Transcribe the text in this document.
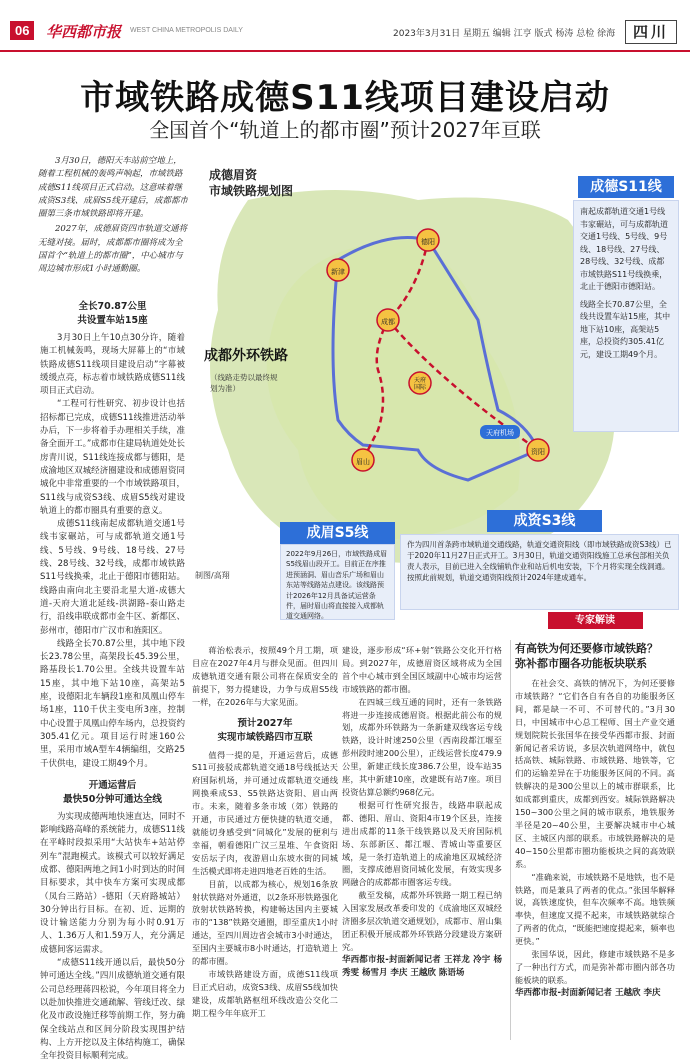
06	华西都市报 WEST CHINA METROPOLIS DAILY	2023年3月31日 星期五 编辑 江亨 版式 杨涛 总检 徐海	四川
市域铁路成德S11线项目建设启动
全国首个“轨道上的都市圈”预计2027年亘联

3月30日，德阳天车站前空地上，随着工程机械的轰鸣声响起，市域铁路成德S11线项目正式启动。这意味着继成资S3线、成眉S5线开建后，成都都市圈第三条市域铁路即将开建。

2027年，成德眉资四市轨道交通将无缝对接。届时，成都都市圈将成为全国首个“轨道上的都市圈”，中心城市与周边城市形成1小时通勤圈。

全长70.87公里
共设置车站15座

3月30日上午10点30分许，随着施工机械轰鸣，现场大屏幕上的“市域铁路成德S11线项目建设启动”字幕被缓缓点亮，标志着市域铁路成德S11线项目正式启动。

“工程可行性研究、初步设计也括招标都已完成，成德S11线推进活动举办后，下一步将着手办理相关手续，准备全面开工。”成都市住建局轨道处处长房青川说，S11线连接成都与德阳，是成渝地区双城经济圈建设和成德眉资同城化中非常重要的一个市域铁路项目，S11线与成资S3线、成眉S5线对建设轨道上的都市圈具有重要的意义。

成德S11线南起成都轨道交通1号线韦家碾站，可与成都轨道交通1号线、5号线、9号线、18号线、27号线、28号线、32号线，成都市域铁路S11号线换乘，北止于德阳市德阳站。线路由南向北主要沿北星大道-成德大道-天府大道北延线-洪湖路-泰山路走行，沿线串联成都市金牛区、新都区、彭州市，德阳市广汉市和旌阳区。

线路全长70.87公里，其中地下段长23.78公里，高架段长45.39公里，路基段长1.70公里。全线共设置车站15座，其中地下站10座，高架站5座，设德阳北车辆段1座和凤凰山停车场1座，110千伏主变电所3座，控制中心设置于凤凰山停车场内，总投资约305.41亿元。项目运行时速160公里，采用市域A型车4辆编组，交路25千伏供电，建设工期49个月。

开通运营后
最快50分钟可通达全线

为实现成德两地快速直达，同时不影响线路高峰的系统能力，成德S11线在平峰时段拟采用“大站快车+站站停列车”混跑模式。该模式可以较好满足成都、德阳两地之间1小时到达的时间目标要求，其中快车方案可实现成都（凤台三路站）-德阳（天府路城站）30分钟出行目标。在初、近、远期的设计输送能力分别为每小时0.91万人、1.36万人和1.59万人，充分满足成德间客运需求。

“成德S11线开通以后，最快50分钟可通达全线。”四川成德轨道交通有限公司总经理蒋四松说，今年项目将全力以赴加快推进交通疏解、管线迁改、绿化及市政设施迁移等前期工作，努力确保全线站点和区间分阶段实现围护结构、上方开挖以及主体结构施工，确保全年投资目标顺利完成。

天府机场
德阳
新津
成都
天府
国际
资阳
眉山
成德眉资
市域铁路规划图
成都外环铁路
（线路走势以最终规划为准）
成德S11线
南起成都轨道交通1号线韦家碾站，可与成都轨道交通1号线、5号线、9号线、18号线、27号线、28号线、32号线、成都市域铁路S11号线换乘，北止于德阳市德阳站。
线路全长70.87公里，全线共设置车站15座，其中地下站10座，高架站5座，总投资约305.41亿元，建设工期49个月。
成眉S5线
2022年9月26日，市域铁路成眉S5线眉山段开工。目前正在序推进预涵洞、眉山音乐广场和眉山东站等线路站点建设。该线路预计2026年12月具备试运营条件，届时眉山将直接接入成都轨道交通网络。
成资S3线
作为四川首条跨市域轨道交通线路，轨道交通资阳线（即市域铁路成资S3线）已于2020年11月27日正式开工。3月30日，轨道交通资阳线施工总承包部相关负责人表示，目前已进入全线铺轨作业和站后机电安装，下个月将实现全线洞通。按照此前规划，轨道交通资阳线预计2024年建成通车。
制图/高翔

蒋治松表示，按照49个月工期，项目应在2027年4月与群众见面。但四川成德轨道交通有限公司将在保质安全的前提下，努力提建设，力争与成眉S5线一样，在2026年与大家见面。

预计2027年
实现市域铁路四市互联

值得一提的是，开通运营后，成德S11可接驳成都轨道交通18号线抵达天府国际机场，并可通过成都轨道交通线网换乘成S3、S5铁路达资阳、眉山两市。未来，随着多条市域（郊）铁路的开通，市民通过方便快捷的轨道交通，就能切身感受到“同城化”发展的便利与幸福，朝看德阳广汉三星堆、午食资阳安岳坛子肉，夜游眉山东坡水街的同城生活模式即将走进四地老百姓的生活。

目前，以成都为核心，规划16条放射状铁路对外通道，以2条环形铁路强化放射状铁路转换，构建畅达国内主要城市的“138”铁路交通圈，即至重庆1小时通达，至四川周边省会城市3小时通达，至国内主要城市8小时通达，打造轨道上的都市圈。

市域铁路建设方面，成德S11线项目正式启动，成资S3线、成眉S5线加快建设，成都轨路枢纽环线改造公交化二期工程今年年底开工

建设，逐步形成“环+射”铁路公交化开行格局。到2027年，成德眉资区域将成为全国首个中心城市到全国区域副中心城市均运营市域铁路的都市圈。

在四城三线互通的同时，还有一条铁路将进一步连接成德眉资。根据此前公布的规划，成都外环铁路为一条新建双线客运专线铁路，设计时速250公里（西南段都江堰至彭州段时速200公里），正线运营长度479.9公里，新建正线长度386.7公里，设车站35座，其中新建10座，改建既有站7座。项目投资估算总额约968亿元。

根据可行性研究报告，线路串联起成都、德阳、眉山、资阳4市19个区县，连接进出成都的11条干线铁路以及天府国际机场、东部新区、都江堰、青城山等重要区域，是一条打造轨道上的成渝地区双城经济圈，支撑成德眉资同城化发展，有效实现多网融合的成都都市圈客运专线。

截至发稿，成都外环铁路一期工程已纳入国家发展改革委印发的《成渝地区双城经济圈多层次轨道交通规划》，成都市、眉山集团正积极开展成都外环铁路分段建设方案研究。

华西都市报-封面新闻记者 王祥龙 冷宇 杨秀雯 杨雪月 李庆 王越欣 陈语场
专家解读
有高铁为何还要修市域铁路？
弥补都市圈各功能板块联系

在社会交、高铁的情况下，为何还要修市域铁路？“它们各自有各自的功能服务区间，都是缺一不可、不可替代的。”3月30日，中国城市中心总工程师、国土产业交通规划院院长张国华在接受华西都市报、封面新闻记者采访说，多层次轨道网络中，就包括高铁、城际铁路、市域铁路、地铁等，它们的运输差异在于功能服务区间的不同。高铁解决的是300公里以上的城市群联系，比如成都到重庆，成都到西安。城际铁路解决150~300公里之间的城市联系，地铁服务半径是20~40公里，主要解决城市中心城区、主城区内部的联系。市域铁路解决的是40~150公里都市圈功能板块之间的高效联系。

“准确来说，市域铁路不是地铁，也不是铁路，而是兼具了两者的优点。”张国华解释说，高铁速度快，但车次频率不高。地铁频率快，但速度又提不起来，市域铁路就综合了两者的优点，“既能把速度提起来，频率也更快。”

张国华说，因此，修建市域铁路不是多了一种出行方式，而是弥补都市圈内部各功能板块的联系。

华西都市报-封面新闻记者 王越欣 李庆
